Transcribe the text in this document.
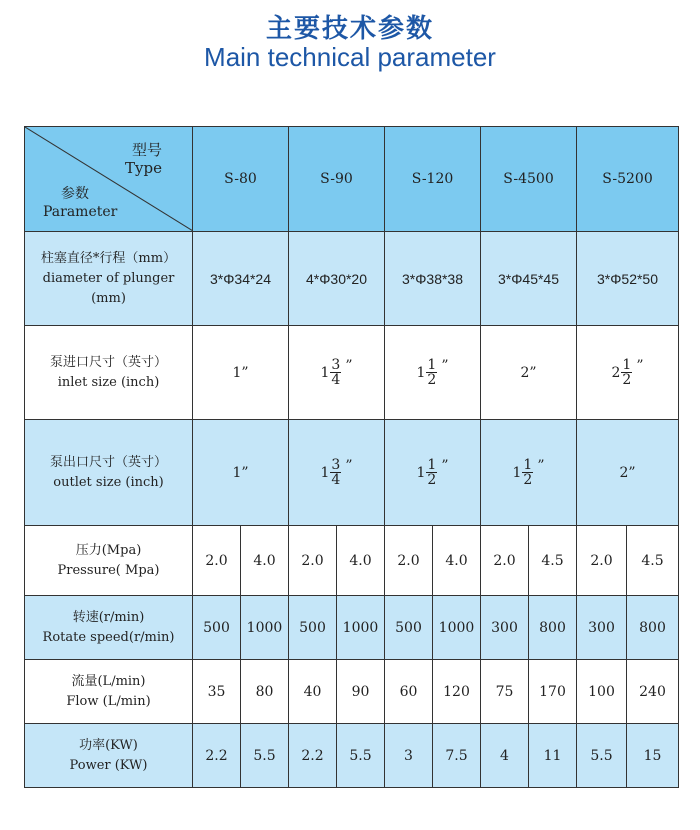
主要技术参数
Main technical parameter
型号
Type
参数
Parameter	S-80		S-90		S-120		S-4500		S-5200	

柱塞直径*行程（mm）
diameter of plunger (mm)	3*Φ34*24		4*Φ30*20		3*Φ38*38		3*Φ45*45		3*Φ52*50	

泵进口尺寸（英寸）
inlet size (inch)	1”		$1 \frac{3}{4}$ ”		$1 \frac{1}{2}$ ”		2”		$2 \frac{1}{2}$ ”	

泵出口尺寸（英寸）
outlet size (inch)	1”		$1 \frac{3}{4}$ ”		$1 \frac{1}{2}$ ”		$1 \frac{1}{2}$ ”		2”	

压力(Mpa)
Pressure( Mpa)	2.0	4.0	2.0	4.0	2.0	4.0	2.0	4.5	2.0	4.5

转速(r/min)
Rotate speed(r/min)	500	1000	500	1000	500	1000	300	800	300	800

流量(L/min)
Flow (L/min)	35	80	40	90	60	120	75	170	100	240

功率(KW)
Power (KW)	2.2	5.5	2.2	5.5	3	7.5	4	11	5.5	15
